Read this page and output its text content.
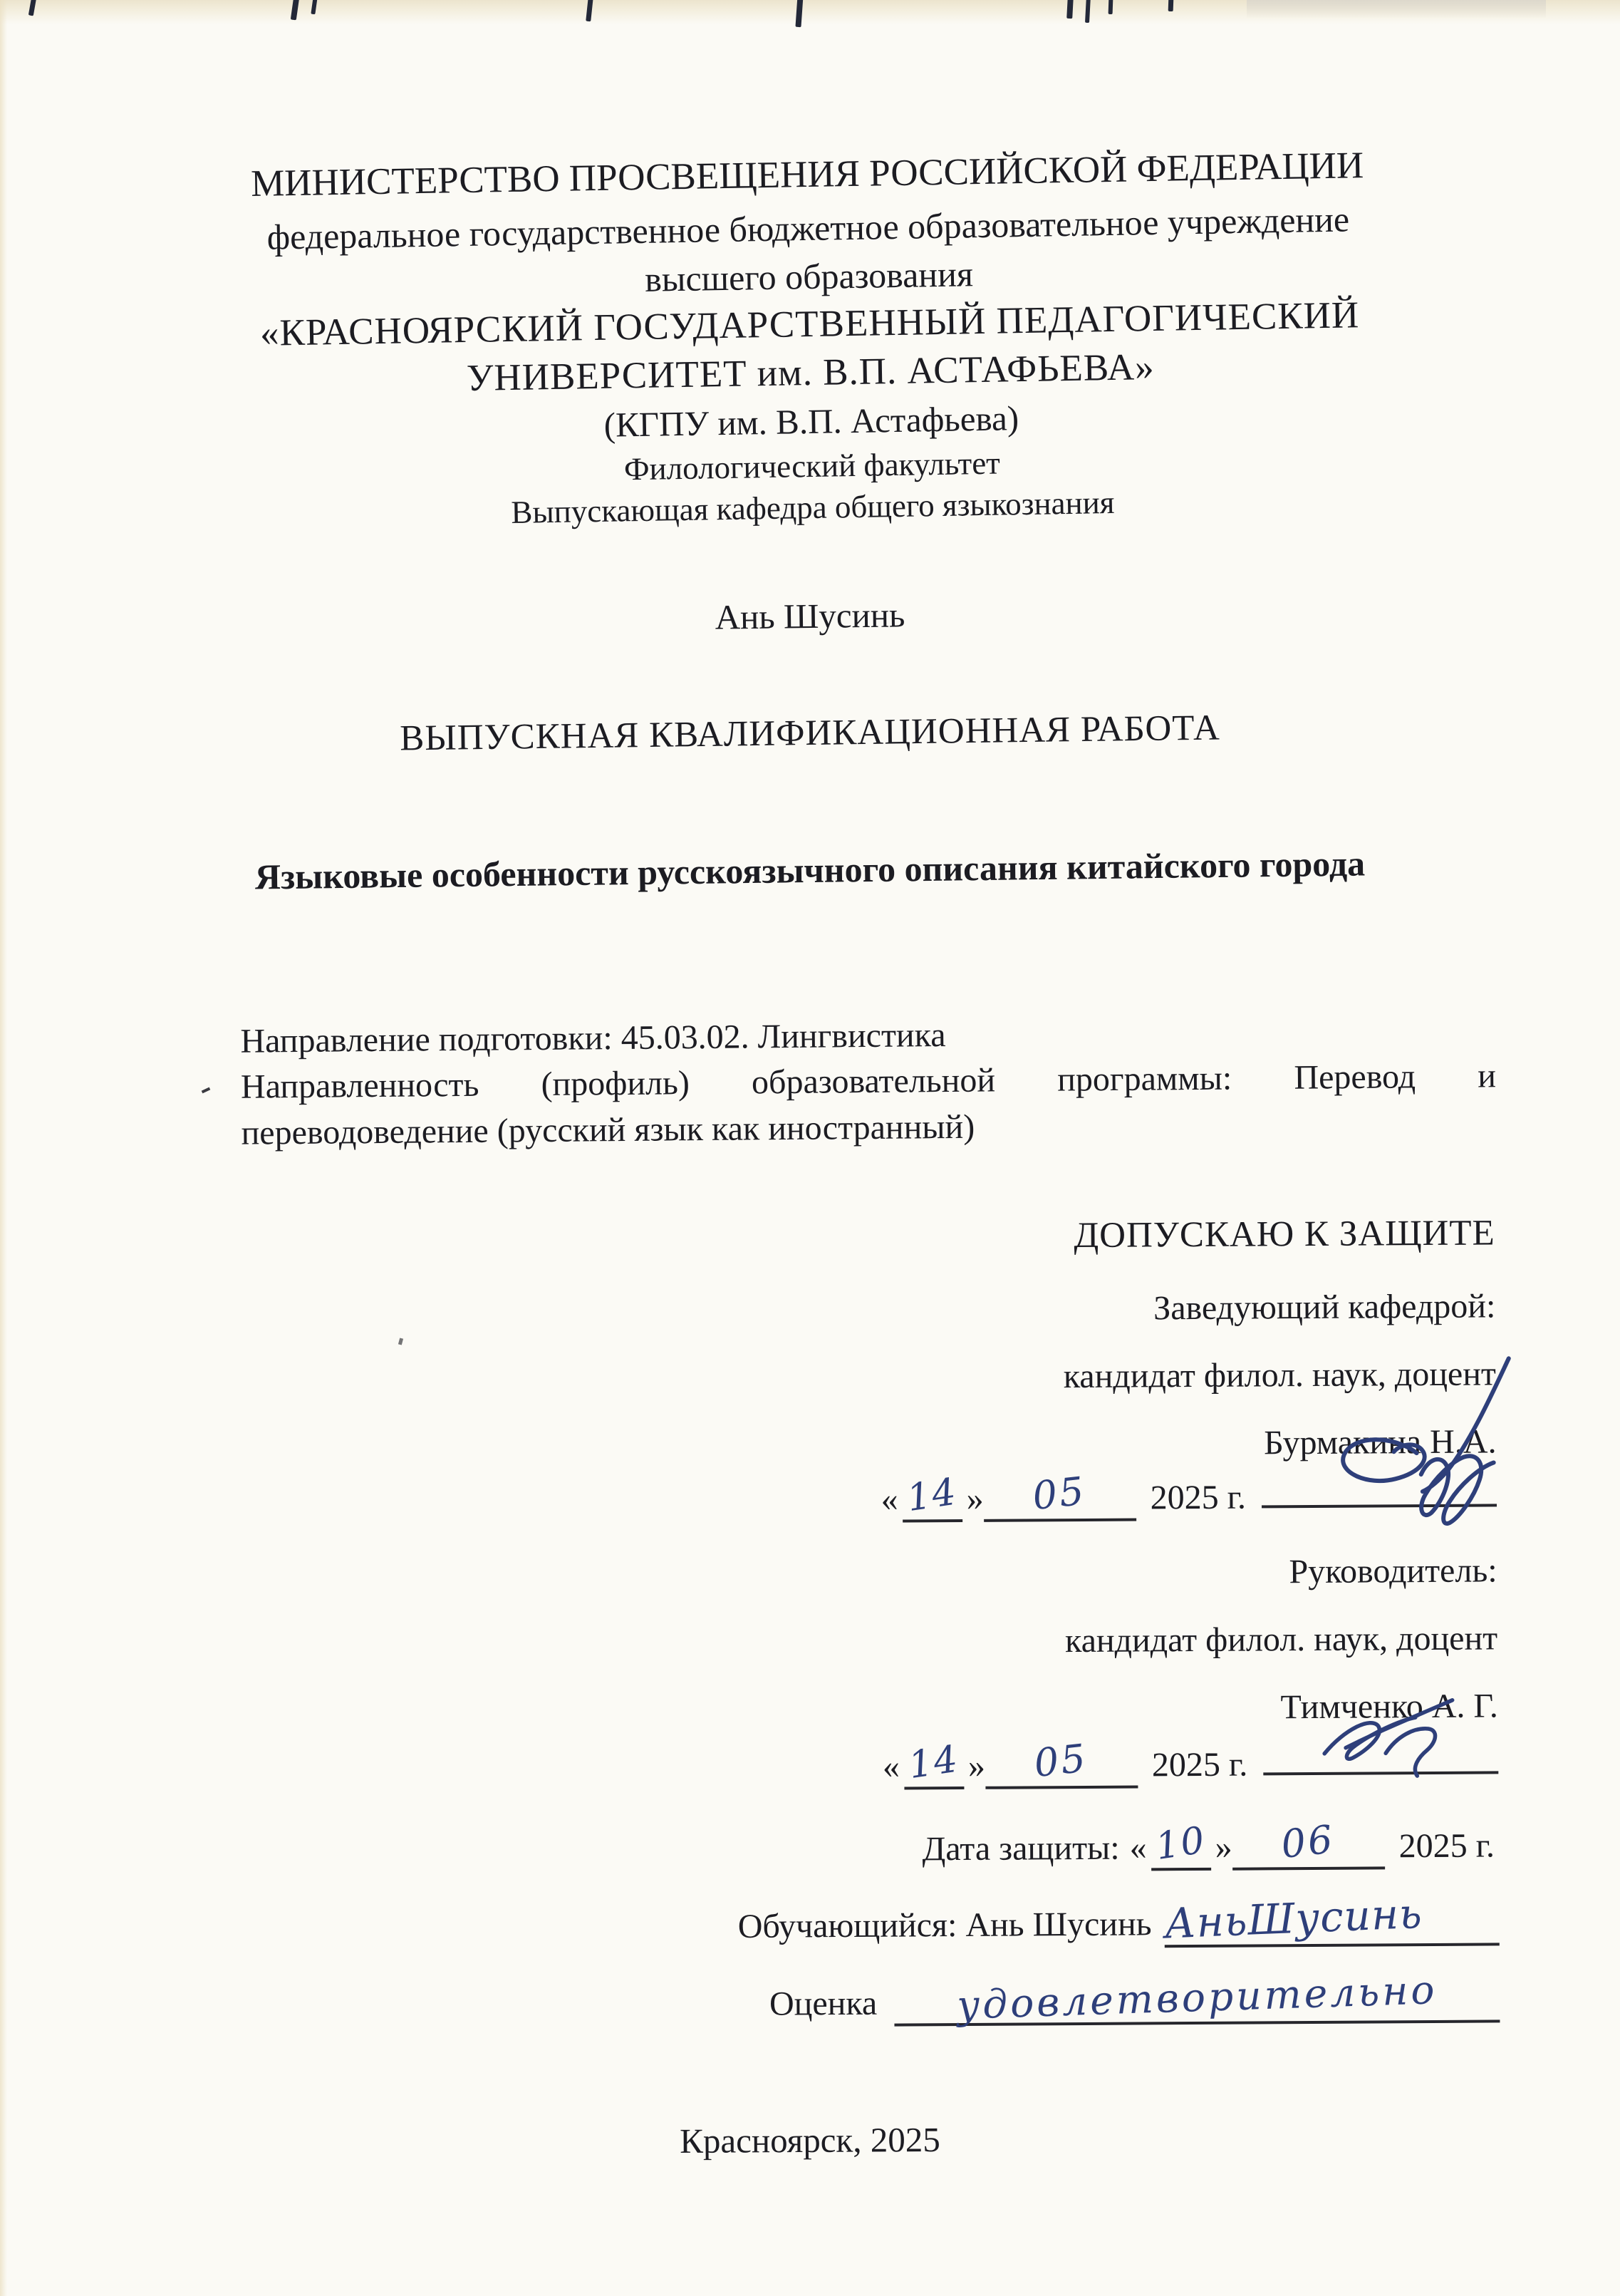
МИНИСТЕРСТВО ПРОСВЕЩЕНИЯ РОССИЙСКОЙ ФЕДЕРАЦИИ
федеральное государственное бюджетное образовательное учреждение
высшего образования
«КРАСНОЯРСКИЙ ГОСУДАРСТВЕННЫЙ ПЕДАГОГИЧЕСКИЙ
УНИВЕРСИТЕТ им. В.П. АСТАФЬЕВА»
(КГПУ им. В.П. Астафьева)
Филологический факультет
Выпускающая кафедра общего языкознания
Ань Шусинь
ВЫПУСКНАЯ КВАЛИФИКАЦИОННАЯ РАБОТА
Языковые особенности русскоязычного описания китайского города
Направление подготовки: 45.03.02. Лингвистика
Направленность (профиль) образовательной программы: Перевод и
переводоведение (русский язык как иностранный)
ДОПУСКАЮ К ЗАЩИТЕ
Заведующий кафедрой:
кандидат филол. наук, доцент
Бурмакина Н.А.
« 14 »	05	2025 г.
Руководитель:
кандидат филол. наук, доцент
Тимченко А. Г.
« 14 »	05	2025 г.
Дата защиты: « 10 »	06	2025 г.
Обучающийся: Ань Шусинь АньШусинь
Оценка	удовлетворительно
Красноярск, 2025
